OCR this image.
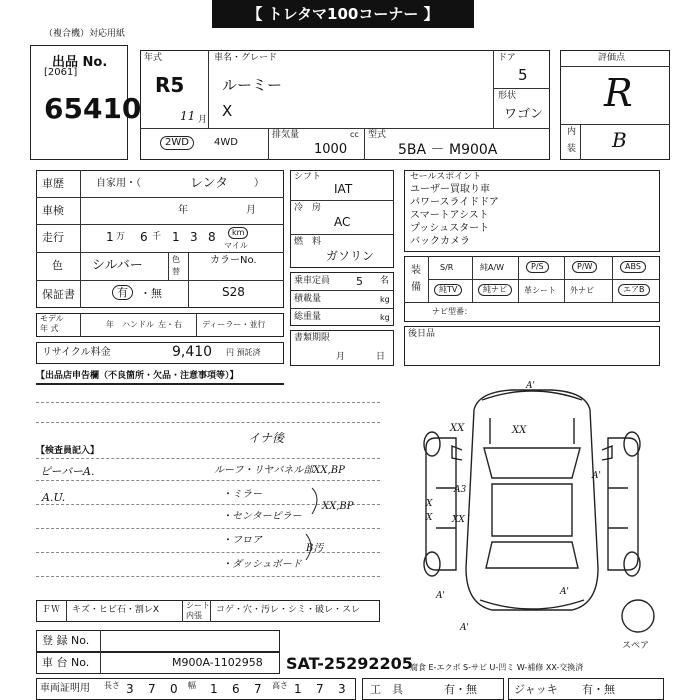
【 トレタマ100コーナー 】
（複合機）対応用紙
出品 No.
[2061]
65410
年式
R5
11 月
車名・グレード
ルーミー
X
ドア
5
形状
ワゴン
2WD	4WD
排気量	cc
1000
型式
5BA － M900A
評価点
R
内
装 B
車歴	自家用・（	レンタ	）
車検	年	月
走行	1 万 6 千 1 3 8	km
マイル
色 シルバー	色
替
カラーNo.
保証書	有	・無	S28
モデル
年 式	年 ハンドル 左・右	ディーラー・並行
リサイクル料金	9,410 円 預託済
シフト
IAT
冷　房
AC
燃　料
ガソリン
乗車定員 5 名
積載量	kg
総重量	kg
書類期限
月	日
セールスポイント
ユーザー買取り車
パワースライドドア
スマートアシスト
プッシュスタート
バックカメラ
装
備
S/R	純A/W	P/S	P/W	ABS
純TV	純ナビ	革シート 外ナビ	エアB
ナビ型番：
後日品
【出品店申告欄（不良箇所・欠品・注意事項等）】
【検査員記入】
イナ後
ピーバーA.
A.U.
ルーフ・リヤパネル部XX,BP
・ミラー
・センターピラー
XX,BP
・フロア
・ダッシュボード
B汚
A'
XX
XX
A3
X
X XX
A'	A'
A'
A'
スペア
ＦＷ キズ・ヒビ石・割レX	シート
内張
コゲ・穴・汚レ・シミ・破レ・スレ
登 録 No.
車 台 No.	M900A-1102958 SAT-25292205
腐食 E-エクボ S-サビ U-凹ミ W-補修 XX-交換済
車両証明用 長さ 3 7 0 幅 1 6 7 高さ 1 7 3 工　具	有・無	ジャッキ 有・無
